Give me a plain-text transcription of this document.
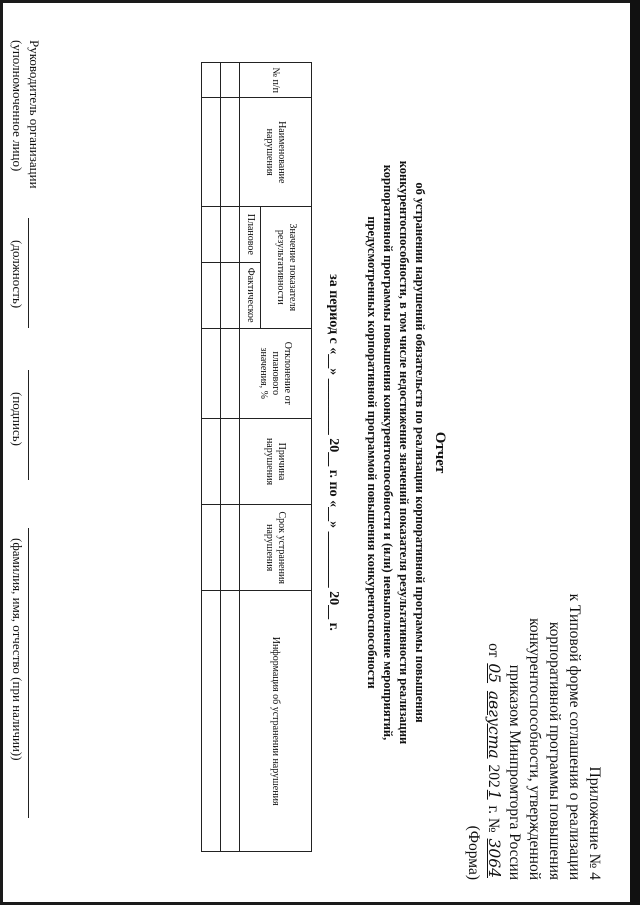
Приложение № 4
к Типовой форме соглашения о реализации
корпоративной программы повышения
конкурентоспособности, утвержденной
приказом Минпромторга России
от 05 августа 2021 г. № 3064
(Форма)
Отчет
об устранении нарушений обязательств по реализации корпоративной программы повышения конкурентоспособности, в том числе недостижение значений показателя результативности реализации корпоративной программы повышения конкурентоспособности и (или) невыполнение мероприятий, предусмотренных корпоративной программой повышения конкурентоспособности
за период с «__» ________ 20__ г. по «__» ________ 20__ г.
№ п/п	Наименование нарушения	Значение показателя результативности		Отклонение от планового значения, %	Причина нарушения	Срок устранения нарушения	Информация об устранении нарушения
		Плановое	Фактическое				

Руководитель организации
(уполномоченное лицо)
(должность)
(подпись)
(фамилия, имя, отчество (при наличии))
